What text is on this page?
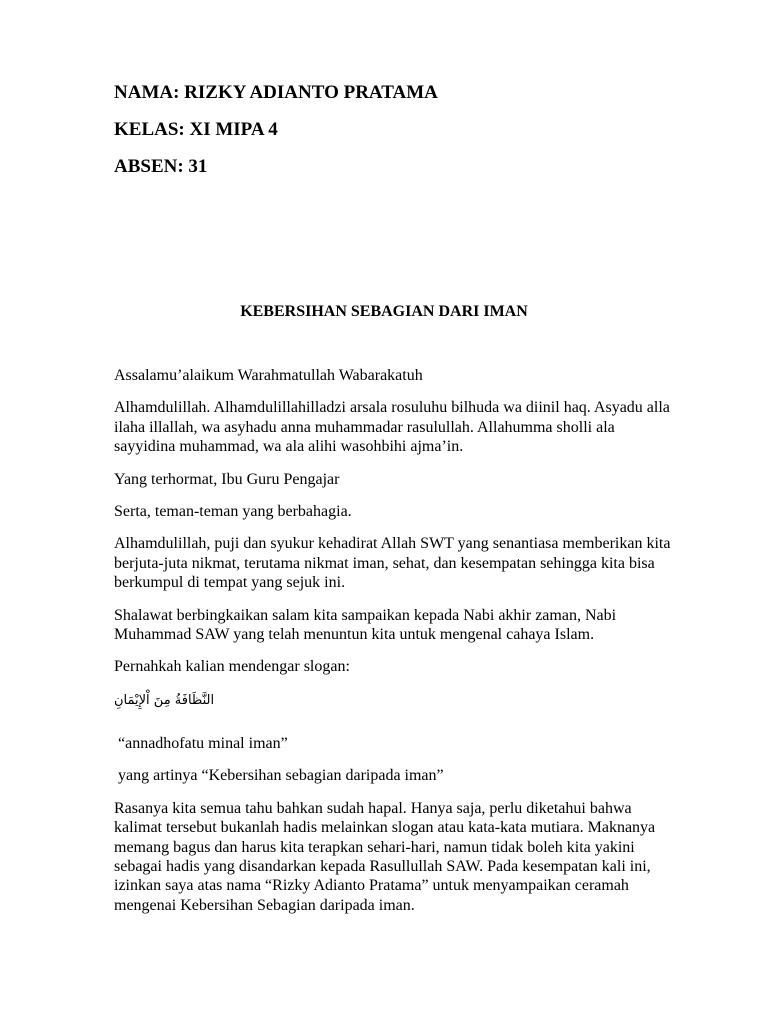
NAMA: RIZKY ADIANTO PRATAMA
KELAS: XI MIPA 4
ABSEN: 31
KEBERSIHAN SEBAGIAN DARI IMAN

Assalamu’alaikum Warahmatullah Wabarakatuh

Alhamdulillah. Alhamdulillahilladzi arsala rosuluhu bilhuda wa diinil haq. Asyadu alla ilaha illallah, wa asyhadu anna muhammadar rasulullah. Allahumma sholli ala sayyidina muhammad, wa ala alihi wasohbihi ajma’in.

Yang terhormat, Ibu Guru Pengajar

Serta, teman-teman yang berbahagia.

Alhamdulillah, puji dan syukur kehadirat Allah SWT yang senantiasa memberikan kita berjuta-juta nikmat, terutama nikmat iman, sehat, dan kesempatan sehingga kita bisa berkumpul di tempat yang sejuk ini.

Shalawat berbingkaikan salam kita sampaikan kepada Nabi akhir zaman, Nabi Muhammad SAW yang telah menuntun kita untuk mengenal cahaya Islam.

Pernahkah kalian mendengar slogan:

النَّظَافَةُ مِنَ اْلإِيْمَانِ

“annadhofatu minal iman”

yang artinya “Kebersihan sebagian daripada iman”

Rasanya kita semua tahu bahkan sudah hapal. Hanya saja, perlu diketahui bahwa kalimat tersebut bukanlah hadis melainkan slogan atau kata-kata mutiara. Maknanya memang bagus dan harus kita terapkan sehari-hari, namun tidak boleh kita yakini sebagai hadis yang disandarkan kepada Rasullullah SAW. Pada kesempatan kali ini, izinkan saya atas nama “Rizky Adianto Pratama” untuk menyampaikan ceramah mengenai Kebersihan Sebagian daripada iman.
